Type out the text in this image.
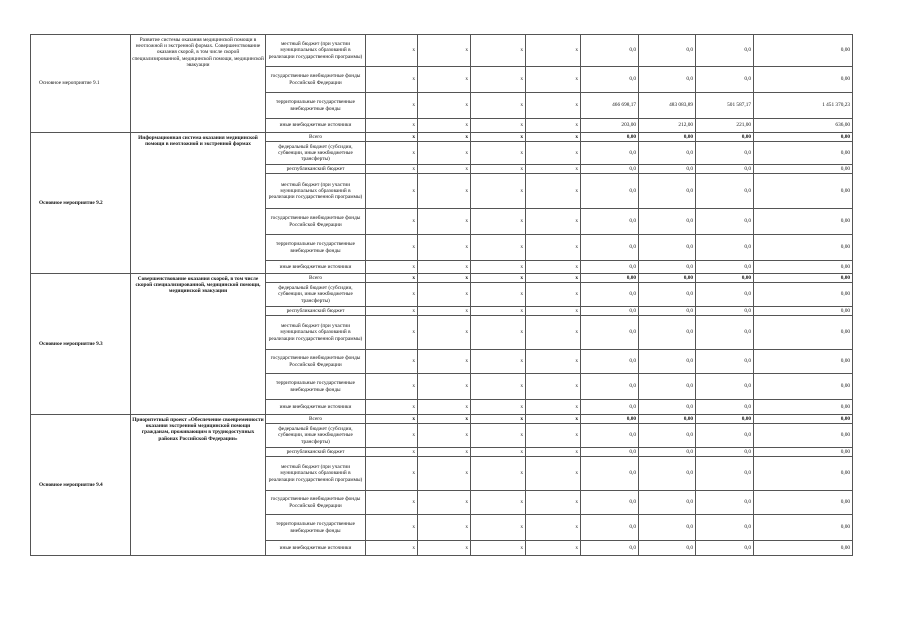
Основное мероприятие 9.1	Развитие системы оказания медицинской помощи в неотложной и экстренной формах. Совершенствование оказания скорой, в том числе скорой специализированной, медицинской помощи, медицинской эвакуации	местный бюджет (при участии муниципальных образований в реализации государственной программы)	x	x	x	x	0,0	0,0	0,0	0,00
		государственные внебюджетные фонды Российской Федерации	x	x	x	x	0,0	0,0	0,0	0,00
		территориальные государственные внебюджетные фонды	x	x	x	x	466 698,17	483 083,89	501 587,17	1 451 370,23
		иные внебюджетные источники	x	x	x	x	203,00	212,00	221,00	636,00
Основное мероприятие 9.2	Информационная система оказания медицинской помощи в неотложной и экстренной формах	Всего	x	x	x	x	0,00	0,00	0,00	0,00
		федеральный бюджет (субсидии, субвенции, иные межбюджетные трансферты)	x	x	x	x	0,0	0,0	0,0	0,00
		республиканский бюджет	x	x	x	x	0,0	0,0	0,0	0,00
		местный бюджет (при участии муниципальных образований в реализации государственной программы)	x	x	x	x	0,0	0,0	0,0	0,00
		государственные внебюджетные фонды Российской Федерации	x	x	x	x	0,0	0,0	0,0	0,00
		территориальные государственные внебюджетные фонды	x	x	x	x	0,0	0,0	0,0	0,00
		иные внебюджетные источники	x	x	x	x	0,0	0,0	0,0	0,00
Основное мероприятие 9.3	Совершенствование оказания скорой, в том числе скорой специализированной, медицинской помощи, медицинской эвакуации	Всего	x	x	x	x	0,00	0,00	0,00	0,00
		федеральный бюджет (субсидии, субвенции, иные межбюджетные трансферты)	x	x	x	x	0,0	0,0	0,0	0,00
		республиканский бюджет	x	x	x	x	0,0	0,0	0,0	0,00
		местный бюджет (при участии муниципальных образований в реализации государственной программы)	x	x	x	x	0,0	0,0	0,0	0,00
		государственные внебюджетные фонды Российской Федерации	x	x	x	x	0,0	0,0	0,0	0,00
		территориальные государственные внебюджетные фонды	x	x	x	x	0,0	0,0	0,0	0,00
		иные внебюджетные источники	x	x	x	x	0,0	0,0	0,0	0,00
Основное мероприятие 9.4	Приоритетный проект «Обеспечение своевременности оказания экстренной медицинской помощи гражданам, проживающим в труднодоступных районах Российской Федерации»	Всего	x	x	x	x	0,00	0,00	0,00	0,00
		федеральный бюджет (субсидии, субвенции, иные межбюджетные трансферты)	x	x	x	x	0,0	0,0	0,0	0,00
		республиканский бюджет	x	x	x	x	0,0	0,0	0,0	0,00
		местный бюджет (при участии муниципальных образований в реализации государственной программы)	x	x	x	x	0,0	0,0	0,0	0,00
		государственные внебюджетные фонды Российской Федерации	x	x	x	x	0,0	0,0	0,0	0,00
		территориальные государственные внебюджетные фонды	x	x	x	x	0,0	0,0	0,0	0,00
		иные внебюджетные источники	x	x	x	x	0,0	0,0	0,0	0,00
